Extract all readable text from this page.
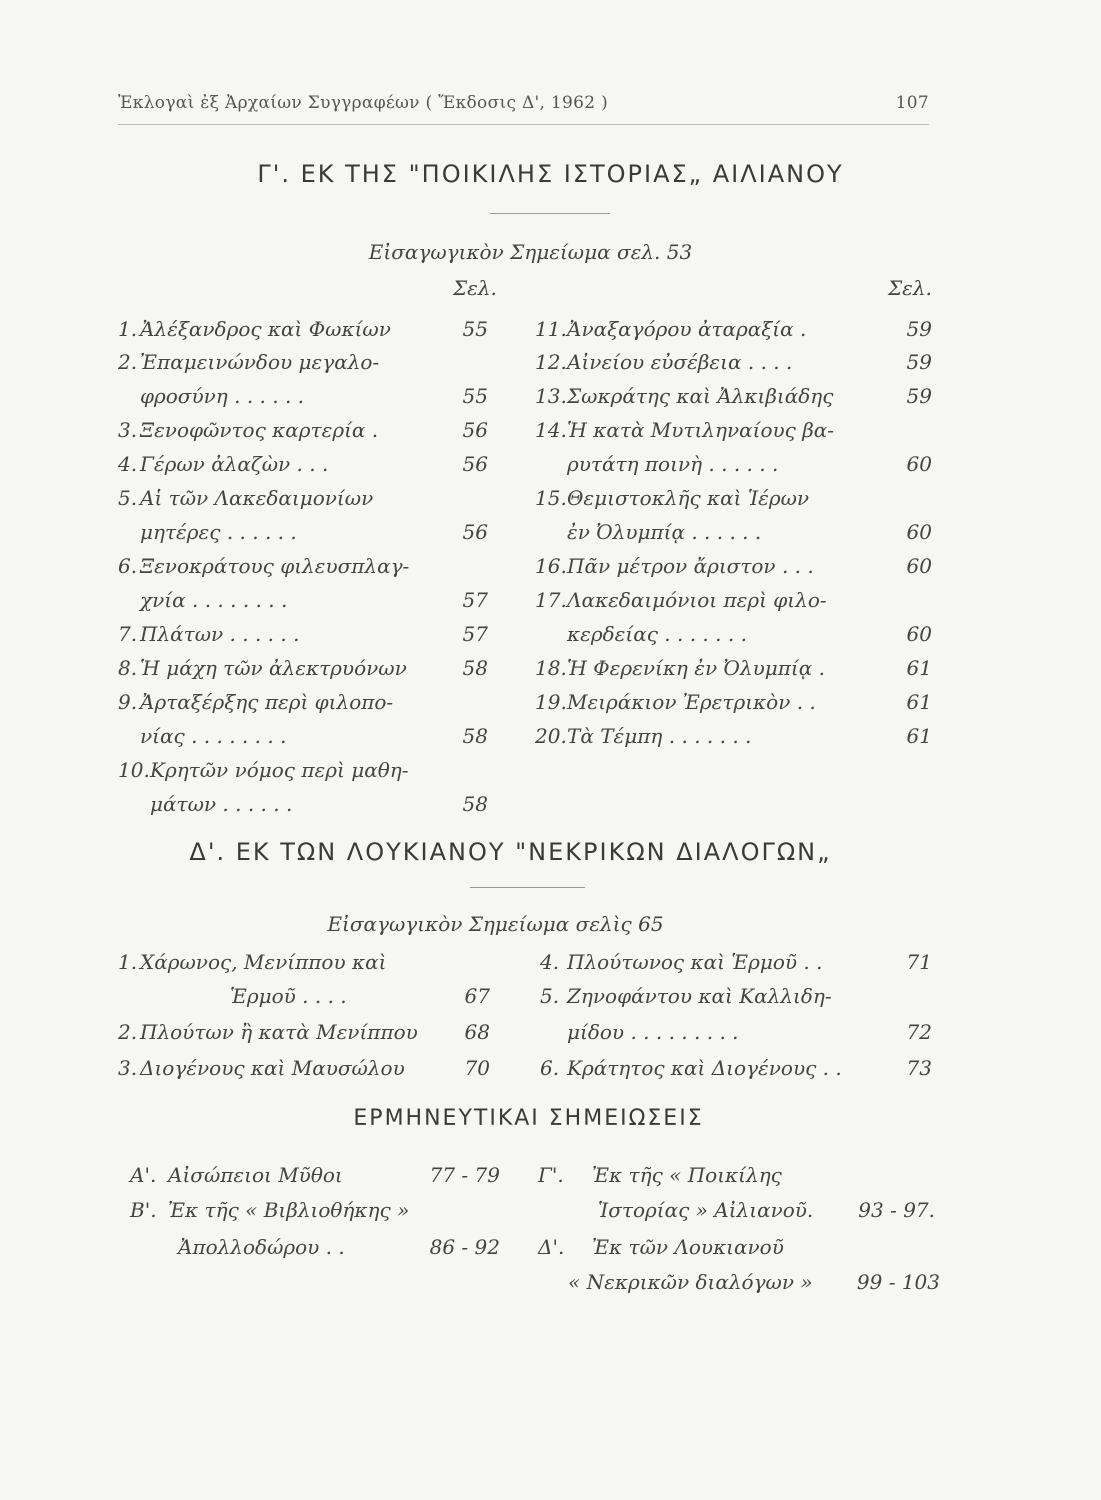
Ἐκλογαὶ ἐξ Ἀρχαίων Συγγραφέων ( Ἔκδοσις Δ', 1962 )	107
Γ'. ΕΚ ΤΗΣ "ΠΟΙΚΙΛΗΣ ΙΣΤΟΡΙΑΣ„ ΑΙΛΙΑΝΟΥ
Εἰσαγωγικὸν Σημείωμα σελ. 53
Σελ.	Σελ.
1. Ἀλέξανδρος καὶ Φωκίων	55
2. Ἐπαμεινώνδου μεγαλο-
φροσύνη . . . . . .	55
3. Ξενοφῶντος καρτερία .	56
4. Γέρων ἀλαζὼν . . .	56
5. Αἱ τῶν Λακεδαιμονίων
μητέρες . . . . . .	56
6. Ξενοκράτους φιλευσπλαγ-
χνία . . . . . . . .	57
7. Πλάτων . . . . . .	57
8. Ἡ μάχη τῶν ἀλεκτρυόνων	58
9. Ἀρταξέρξης περὶ φιλοπο-
νίας . . . . . . . .	58
10. Κρητῶν νόμος περὶ μαθη-
μάτων . . . . . .	58
11. Ἀναξαγόρου ἀταραξία .	59
12. Αἰνείου εὐσέβεια . . . .	59
13. Σωκράτης καὶ Ἀλκιβιάδης	59
14. Ἡ κατὰ Μυτιληναίους βα-
ρυτάτη ποινὴ . . . . . .	60
15. Θεμιστοκλῆς καὶ Ἱέρων
ἐν Ὀλυμπίᾳ . . . . . .	60
16. Πᾶν μέτρον ἄριστον . . .	60
17. Λακεδαιμόνιοι περὶ φιλο-
κερδείας . . . . . . .	60
18. Ἡ Φερενίκη ἐν Ὀλυμπίᾳ .	61
19. Μειράκιον Ἐρετρικὸν . .	61
20. Τὰ Τέμπη . . . . . . .	61
Δ'. ΕΚ ΤΩΝ ΛΟΥΚΙΑΝΟΥ "ΝΕΚΡΙΚΩΝ ΔΙΑΛΟΓΩΝ„
Εἰσαγωγικὸν Σημείωμα σελὶς 65
1. Χάρωνος, Μενίππου καὶ
Ἑρμοῦ . . . .	67
2. Πλούτων ἢ κατὰ Μενίππου	68
3. Διογένους καὶ Μαυσώλου	70
4. Πλούτωνος καὶ Ἑρμοῦ . .	71
5. Ζηνοφάντου καὶ Καλλιδη-
μίδου . . . . . . . . .	72
6. Κράτητος καὶ Διογένους . .	73
ΕΡΜΗΝΕΥΤΙΚΑΙ ΣΗΜΕΙΩΣΕΙΣ
Α'. Αἰσώπειοι Μῦθοι	77 - 79
Β'. Ἐκ τῆς « Βιβλιοθήκης »
Ἀπολλοδώρου . .	86 - 92
Γ'. Ἐκ τῆς « Ποικίλης
Ἱστορίας » Αἰλιανοῦ.	93 - 97.
Δ'. Ἐκ τῶν Λουκιανοῦ
« Νεκρικῶν διαλόγων »	99 - 103
